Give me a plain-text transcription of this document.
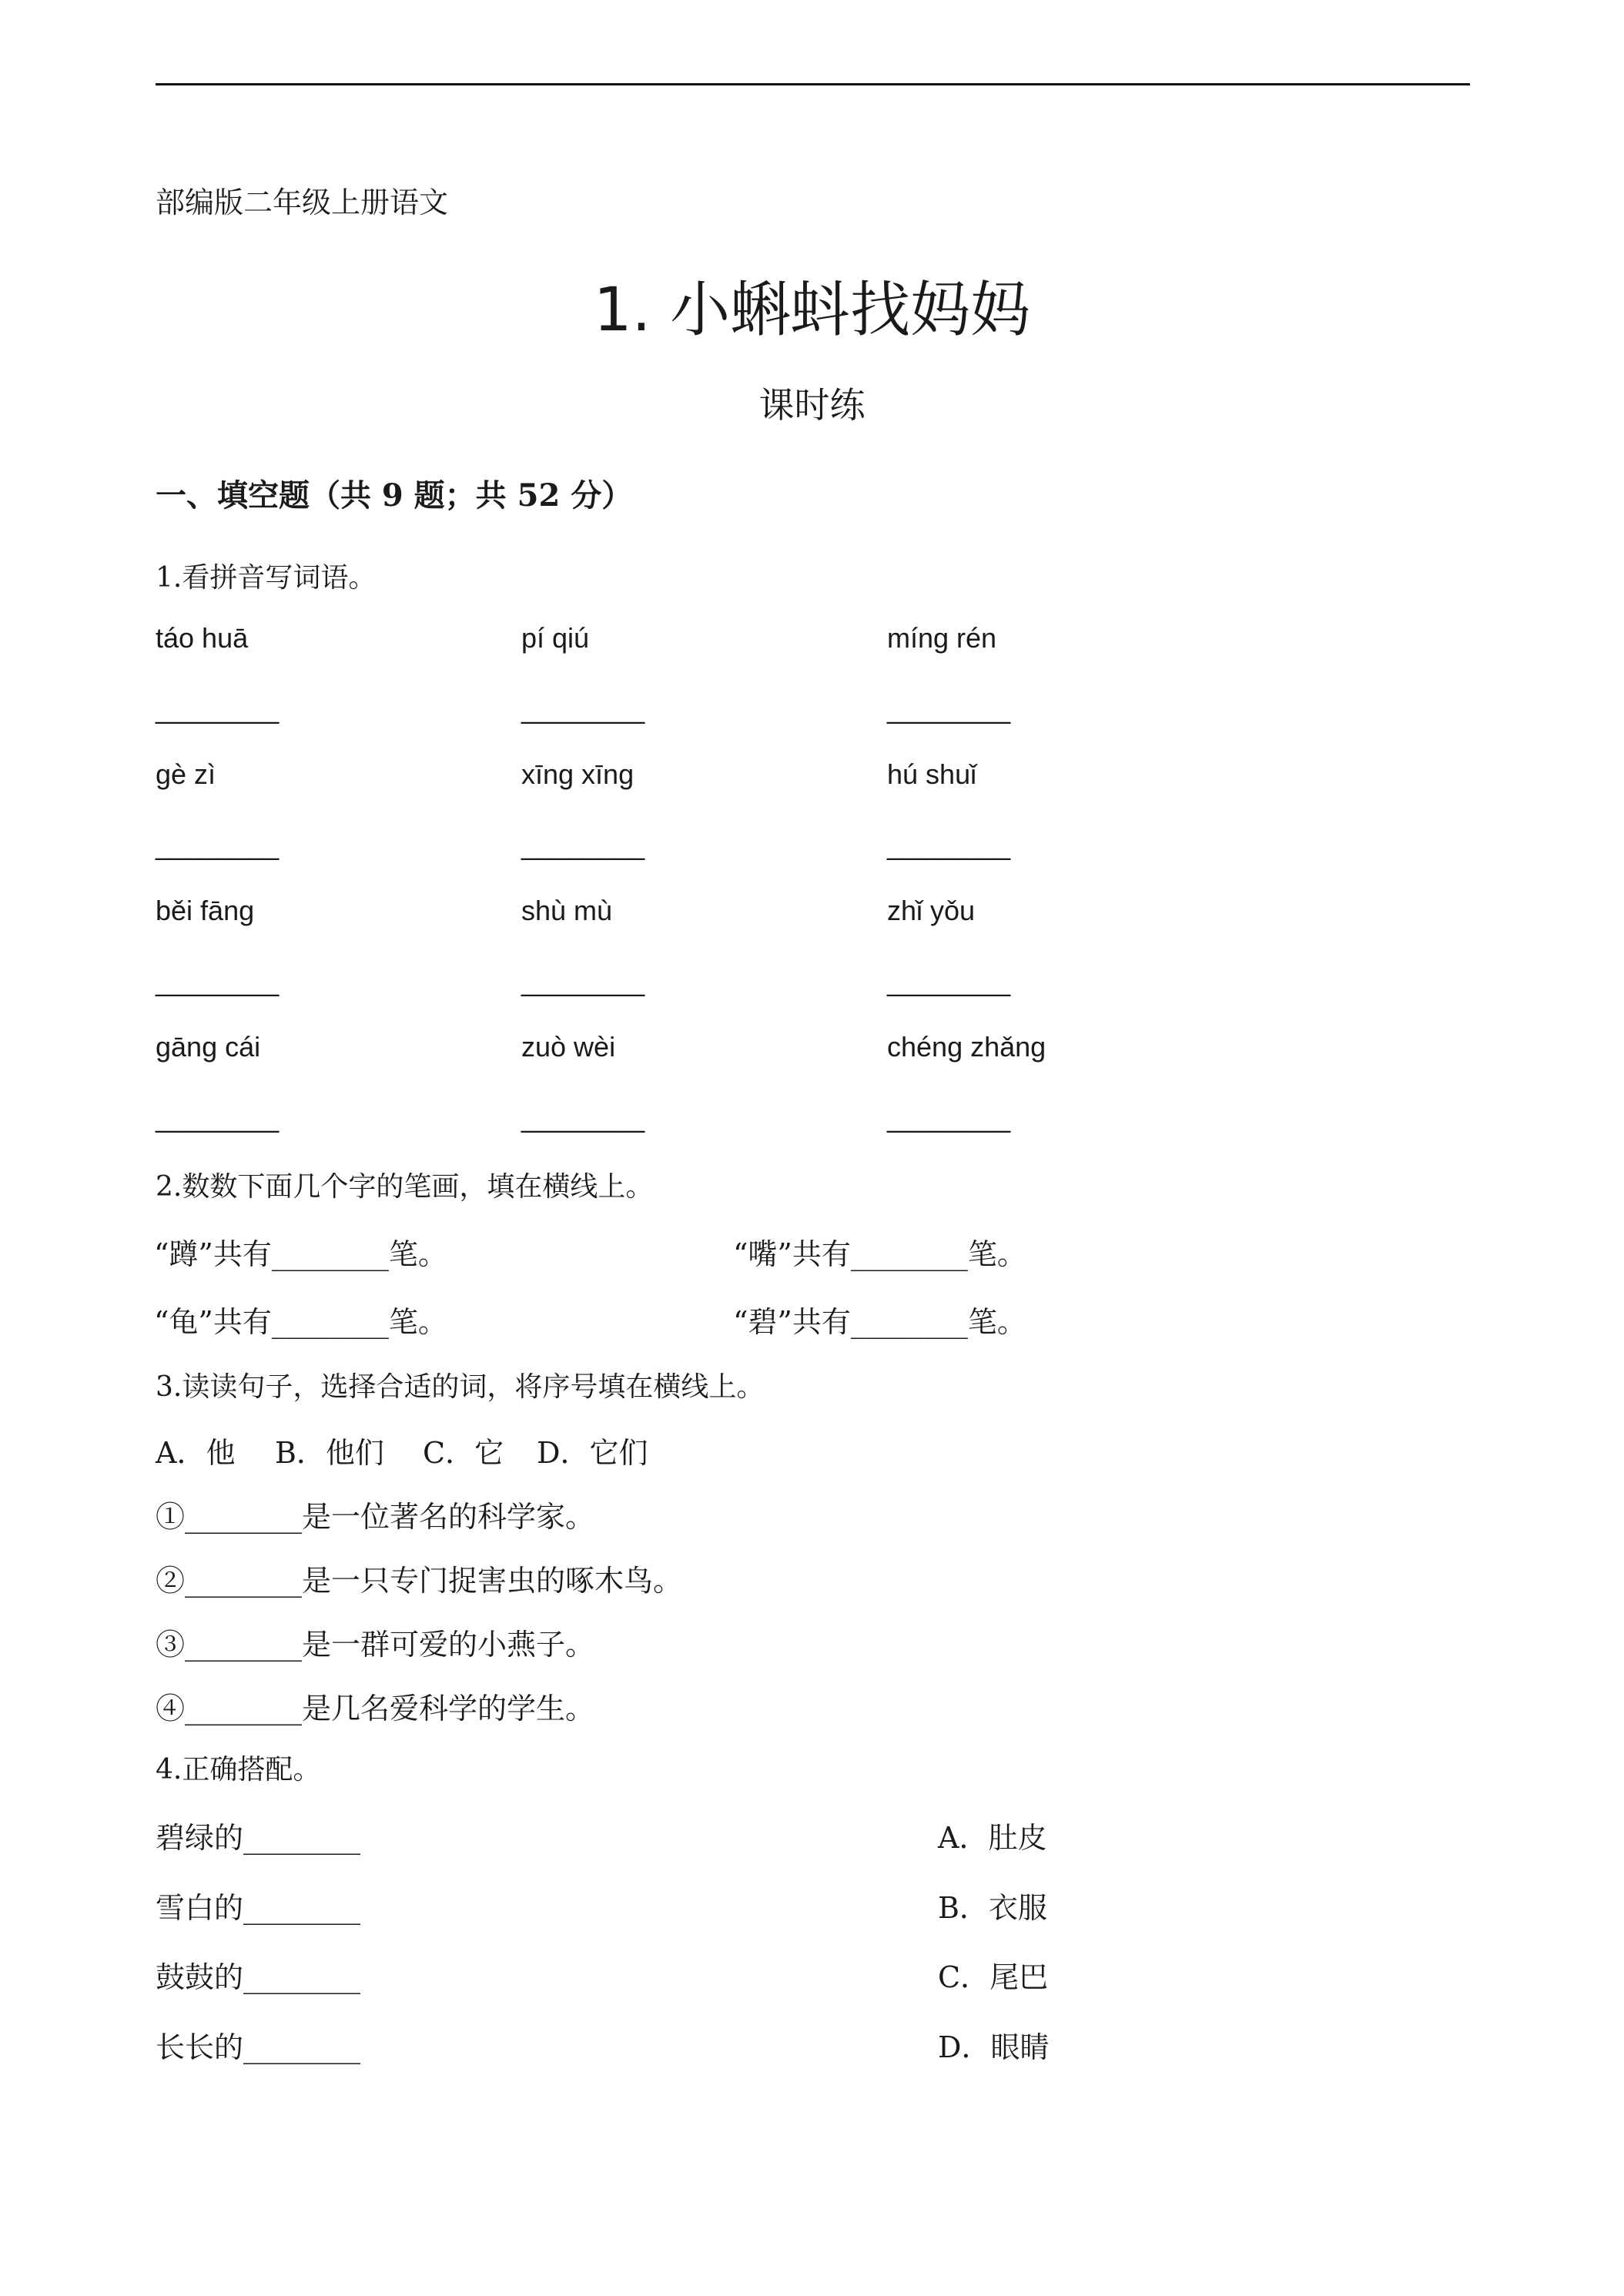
部编版二年级上册语文
1. 小蝌蚪找妈妈
课时练
一、填空题（共 9 题；共 52 分）
1.看拼音写词语。
táo huā	pí qiú	míng rén
________	________	________
gè zì	xīng xīng	hú shuǐ
________	________	________
běi fāng	shù mù	zhǐ yǒu
________	________	________
gāng cái	zuò wèi	chéng zhǎng
________	________	________
2.数数下面几个字的笔画，填在横线上。
“蹲”共有________笔。	“嘴”共有________笔。
“龟”共有________笔。	“碧”共有________笔。
3.读读句子，选择合适的词，将序号填在横线上。
A．他 B．他们 C．它 D．它们
①________是一位著名的科学家。
②________是一只专门捉害虫的啄木鸟。
③________是一群可爱的小燕子。
④________是几名爱科学的学生。
4.正确搭配。
碧绿的________	A．肚皮
雪白的________	B．衣服
鼓鼓的________	C．尾巴
长长的________	D．眼睛
